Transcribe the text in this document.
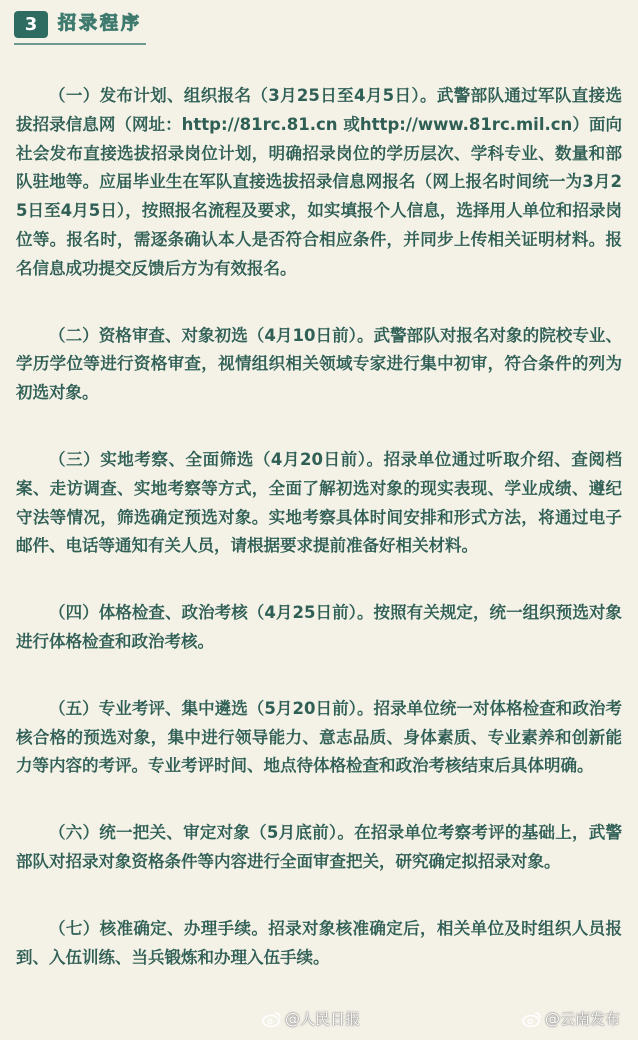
3	招录程序

（一）发布计划、组织报名（3月25日至4月5日）。武警部队通过军队直接选拔招录信息网（网址：http://81rc.81.cn 或http://www.81rc.mil.cn）面向社会发布直接选拔招录岗位计划，明确招录岗位的学历层次、学科专业、数量和部队驻地等。应届毕业生在军队直接选拔招录信息网报名（网上报名时间统一为3月25日至4月5日），按照报名流程及要求，如实填报个人信息，选择用人单位和招录岗位等。报名时，需逐条确认本人是否符合相应条件，并同步上传相关证明材料。报名信息成功提交反馈后方为有效报名。

（二）资格审查、对象初选（4月10日前）。武警部队对报名对象的院校专业、学历学位等进行资格审查，视情组织相关领域专家进行集中初审，符合条件的列为初选对象。

（三）实地考察、全面筛选（4月20日前）。招录单位通过听取介绍、查阅档案、走访调查、实地考察等方式，全面了解初选对象的现实表现、学业成绩、遵纪守法等情况，筛选确定预选对象。实地考察具体时间安排和形式方法，将通过电子邮件、电话等通知有关人员，请根据要求提前准备好相关材料。

（四）体格检查、政治考核（4月25日前）。按照有关规定，统一组织预选对象进行体格检查和政治考核。

（五）专业考评、集中遴选（5月20日前）。招录单位统一对体格检查和政治考核合格的预选对象，集中进行领导能力、意志品质、身体素质、专业素养和创新能力等内容的考评。专业考评时间、地点待体格检查和政治考核结束后具体明确。

（六）统一把关、审定对象（5月底前）。在招录单位考察考评的基础上，武警部队对招录对象资格条件等内容进行全面审查把关，研究确定拟招录对象。

（七）核准确定、办理手续。招录对象核准确定后，相关单位及时组织人员报到、入伍训练、当兵锻炼和办理入伍手续。

@人民日报	@云南发布
